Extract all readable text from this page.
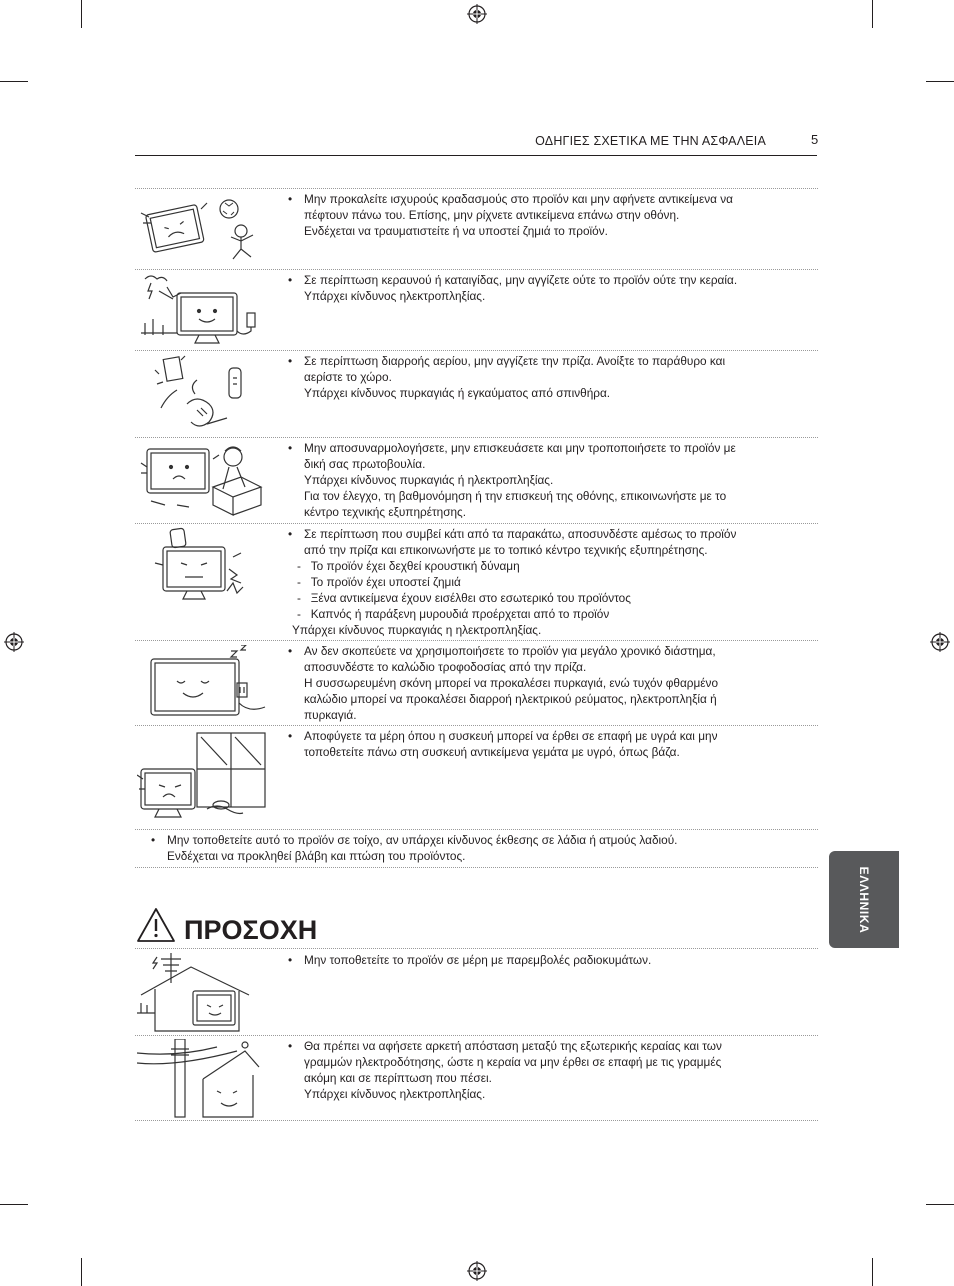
ΟΔΗΓΙΕΣ ΣΧΕΤΙΚΑ ΜΕ ΤΗΝ ΑΣΦΑΛΕΙΑ	5
ΕΛΛΗΝΙΚΑ
• Μην προκαλείτε ισχυρούς κραδασμούς στο προϊόν και μην αφήνετε αντικείμενα να
πέφτουν πάνω του. Επίσης, μην ρίχνετε αντικείμενα επάνω στην οθόνη.
Ενδέχεται να τραυματιστείτε ή να υποστεί ζημιά το προϊόν.
• Σε περίπτωση κεραυνού ή καταιγίδας, μην αγγίζετε ούτε το προϊόν ούτε την κεραία.
Υπάρχει κίνδυνος ηλεκτροπληξίας.
• Σε περίπτωση διαρροής αερίου, μην αγγίζετε την πρίζα. Ανοίξτε το παράθυρο και
αερίστε το χώρο.
Υπάρχει κίνδυνος πυρκαγιάς ή εγκαύματος από σπινθήρα.
• Μην αποσυναρμολογήσετε, μην επισκευάσετε και μην τροποποιήσετε το προϊόν με
δική σας πρωτοβουλία.
Υπάρχει κίνδυνος πυρκαγιάς ή ηλεκτροπληξίας.
Για τον έλεγχο, τη βαθμονόμηση ή την επισκευή της οθόνης, επικοινωνήστε με το
κέντρο τεχνικής εξυπηρέτησης.
• Σε περίπτωση που συμβεί κάτι από τα παρακάτω, αποσυνδέστε αμέσως το προϊόν
από την πρίζα και επικοινωνήστε με το τοπικό κέντρο τεχνικής εξυπηρέτησης.
-   Το προϊόν έχει δεχθεί κρουστική δύναμη
-   Το προϊόν έχει υποστεί ζημιά
-   Ξένα αντικείμενα έχουν εισέλθει στο εσωτερικό του προϊόντος
-   Καπνός ή παράξενη μυρουδιά προέρχεται από το προϊόν
Υπάρχει κίνδυνος πυρκαγιάς η ηλεκτροπληξίας.
• Αν δεν σκοπεύετε να χρησιμοποιήσετε το προϊόν για μεγάλο χρονικό διάστημα,
αποσυνδέστε το καλώδιο τροφοδοσίας από την πρίζα.
Η συσσωρευμένη σκόνη μπορεί να προκαλέσει πυρκαγιά, ενώ τυχόν φθαρμένο
καλώδιο μπορεί να προκαλέσει διαρροή ηλεκτρικού ρεύματος, ηλεκτροπληξία ή
πυρκαγιά.
• Αποφύγετε τα μέρη όπου η συσκευή μπορεί να έρθει σε επαφή με υγρά και μην
τοποθετείτε πάνω στη συσκευή αντικείμενα γεμάτα με υγρό, όπως βάζα.
• Μην τοποθετείτε αυτό το προϊόν σε τοίχο, αν υπάρχει κίνδυνος έκθεσης σε λάδια ή ατμούς λαδιού.
Ενδέχεται να προκληθεί βλάβη και πτώση του προϊόντος.
ΠΡΟΣΟΧΗ
• Μην τοποθετείτε το προϊόν σε μέρη με παρεμβολές ραδιοκυμάτων.
• Θα πρέπει να αφήσετε αρκετή απόσταση μεταξύ της εξωτερικής κεραίας και των
γραμμών ηλεκτροδότησης, ώστε η κεραία να μην έρθει σε επαφή με τις γραμμές
ακόμη και σε περίπτωση που πέσει.
Υπάρχει κίνδυνος ηλεκτροπληξίας.
